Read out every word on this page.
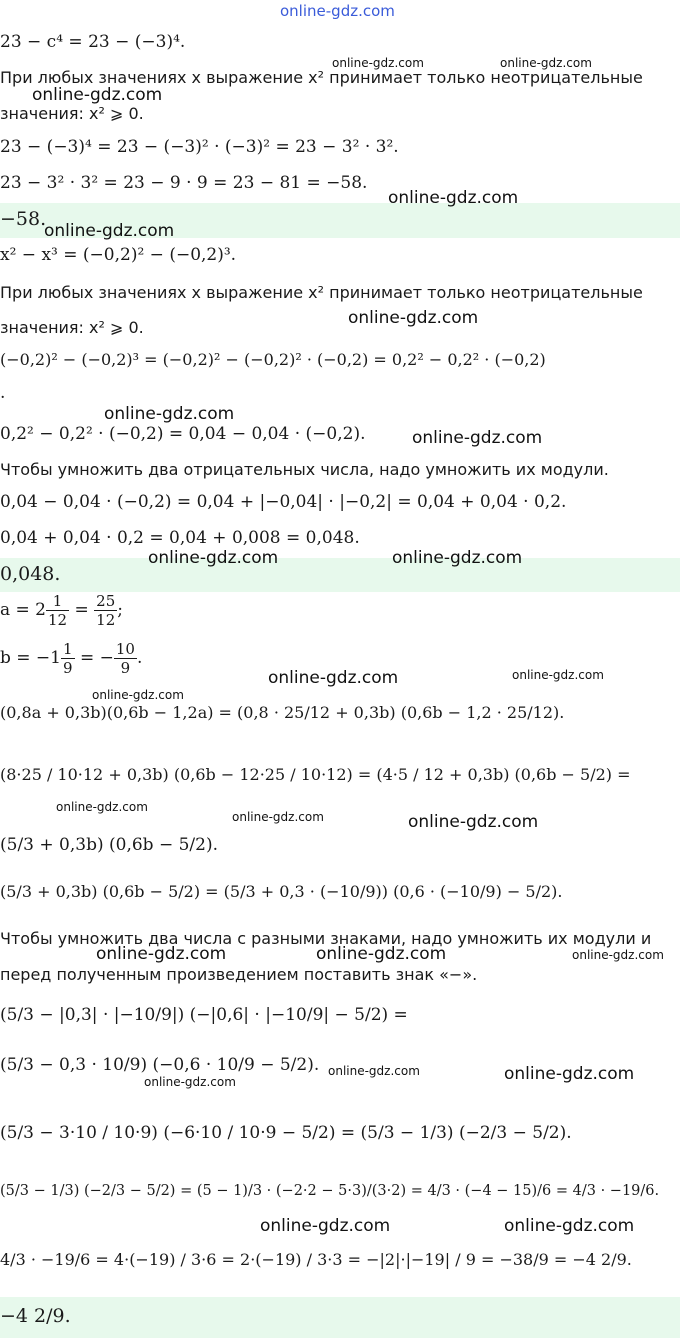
online-gdz.com
23 − c⁴ = 23 − (−3)⁴.
При любых значениях x выражение x² принимает только неотрицательные
значения: x² ⩾ 0.
23 − (−3)⁴ = 23 − (−3)² · (−3)² = 23 − 3² · 3².
23 − 3² · 3² = 23 − 9 · 9 = 23 − 81 = −58.
−58.
x² − x³ = (−0,2)² − (−0,2)³.
При любых значениях x выражение x² принимает только неотрицательные
значения: x² ⩾ 0.
(−0,2)² − (−0,2)³ = (−0,2)² − (−0,2)² · (−0,2) = 0,2² − 0,2² · (−0,2)
.
0,2² − 0,2² · (−0,2) = 0,04 − 0,04 · (−0,2).
Чтобы умножить два отрицательных числа, надо умножить их модули.
0,04 − 0,04 · (−0,2) = 0,04 + |−0,04| · |−0,2| = 0,04 + 0,04 · 0,2.
0,04 + 0,04 · 0,2 = 0,04 + 0,008 = 0,048.
0,048.
$a = 2 \frac{1}{12} = \frac{25}{12}$ ;
$b = -1 \frac{1}{9}$ = − $\frac{10}{9}$ .
(0,8a + 0,3b)(0,6b − 1,2a) = (0,8 · 25/12 + 0,3b) (0,6b − 1,2 · 25/12).
(8·25 / 10·12 + 0,3b) (0,6b − 12·25 / 10·12) = (4·5 / 12 + 0,3b) (0,6b − 5/2) =
(5/3 + 0,3b) (0,6b − 5/2).
(5/3 + 0,3b) (0,6b − 5/2) = (5/3 + 0,3 · (−10/9)) (0,6 · (−10/9) − 5/2).
Чтобы умножить два числа с разными знаками, надо умножить их модули и
перед полученным произведением поставить знак «−».
(5/3 − |0,3| · |−10/9|) (−|0,6| · |−10/9| − 5/2) =
(5/3 − 0,3 · 10/9) (−0,6 · 10/9 − 5/2).
(5/3 − 3·10 / 10·9) (−6·10 / 10·9 − 5/2) = (5/3 − 1/3) (−2/3 − 5/2).
(5/3 − 1/3) (−2/3 − 5/2) = (5 − 1)/3 · (−2·2 − 5·3)/(3·2) = 4/3 · (−4 − 15)/6 = 4/3 · −19/6.
4/3 · −19/6 = 4·(−19) / 3·6 = 2·(−19) / 3·3 = −|2|·|−19| / 9 = −38/9 = −4 2/9.
−4 2/9.
online-gdz.com	online-gdz.com
online-gdz.com
online-gdz.com
online-gdz.com
online-gdz.com
online-gdz.com
online-gdz.com
online-gdz.com	online-gdz.com
online-gdz.com	online-gdz.com
online-gdz.com
online-gdz.com
online-gdz.com	online-gdz.com
online-gdz.com	online-gdz.com	online-gdz.com
online-gdz.com
online-gdz.com	online-gdz.com
online-gdz.com	online-gdz.com
